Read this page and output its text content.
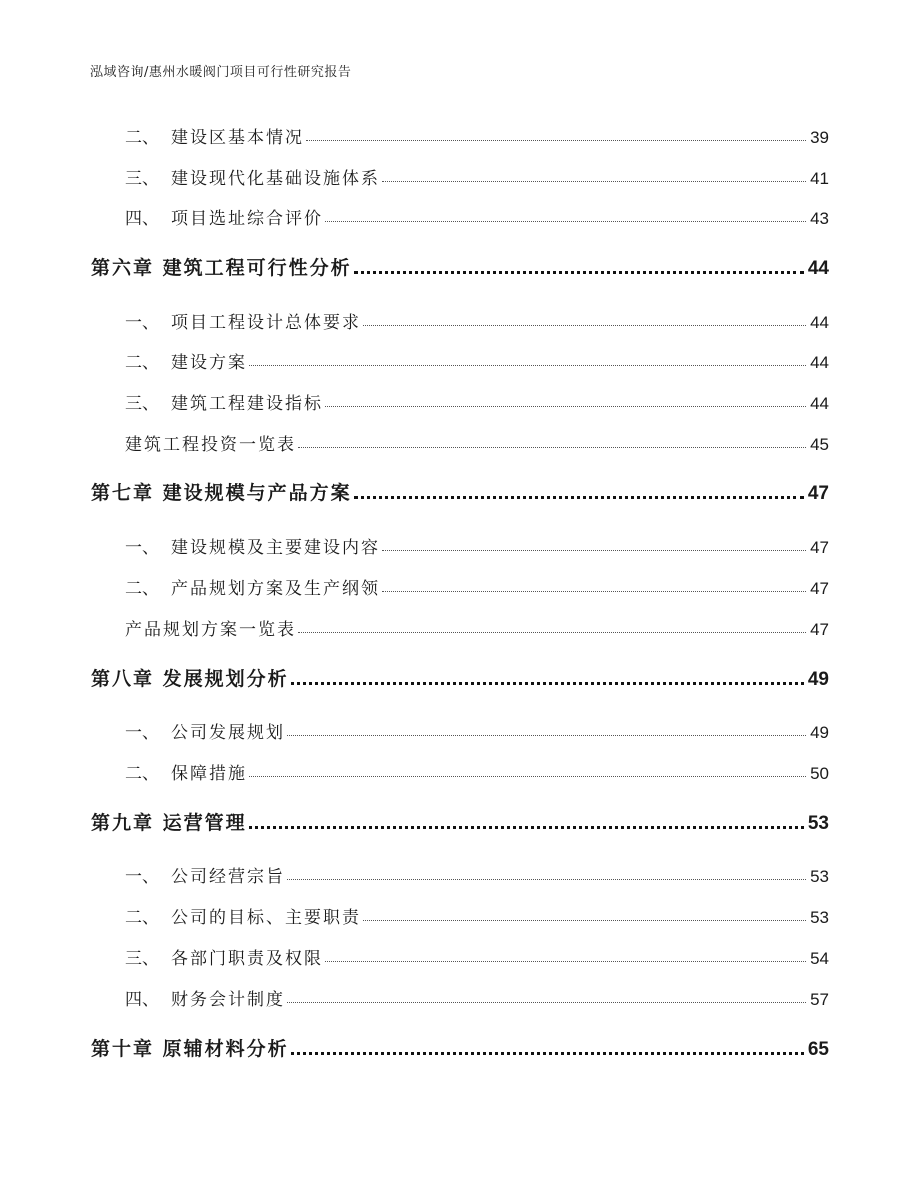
泓域咨询/惠州水暖阀门项目可行性研究报告
二、 建设区基本情况	39
三、 建设现代化基础设施体系	41
四、 项目选址综合评价	43
第六章 建筑工程可行性分析	44
一、 项目工程设计总体要求	44
二、 建设方案	44
三、 建筑工程建设指标	44
建筑工程投资一览表	45
第七章 建设规模与产品方案	47
一、 建设规模及主要建设内容	47
二、 产品规划方案及生产纲领	47
产品规划方案一览表	47
第八章 发展规划分析	49
一、 公司发展规划	49
二、 保障措施	50
第九章 运营管理	53
一、 公司经营宗旨	53
二、 公司的目标、主要职责	53
三、 各部门职责及权限	54
四、 财务会计制度	57
第十章 原辅材料分析	65
